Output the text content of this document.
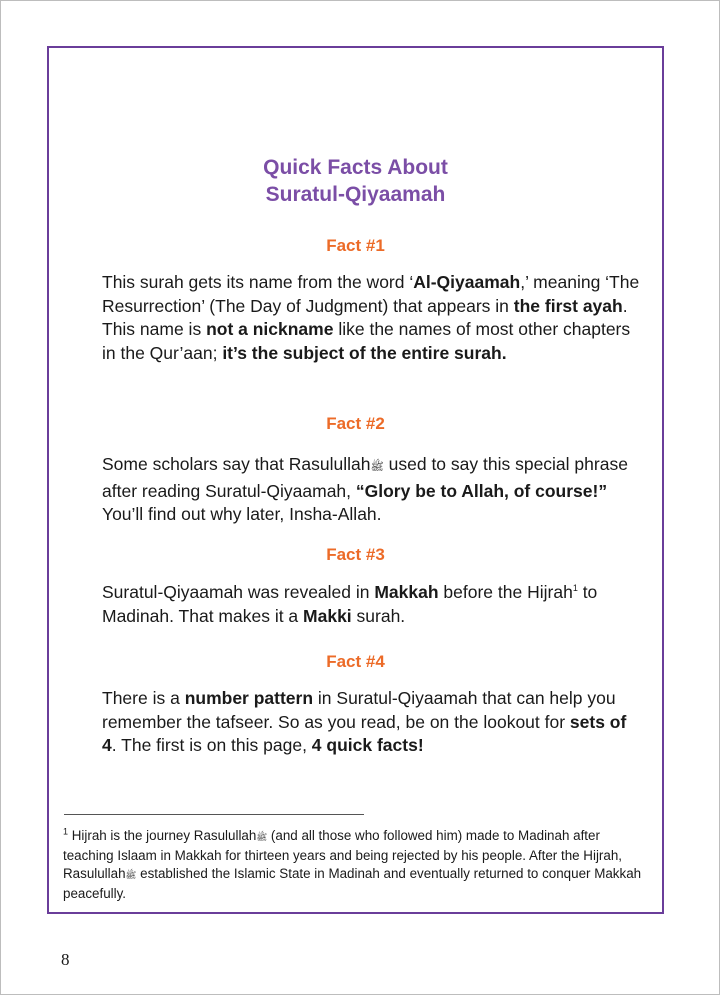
Quick Facts About
Suratul-Qiyaamah
Fact #1
This surah gets its name from the word ‘Al-Qiyaamah,’ meaning ‘The Resurrection’ (The Day of Judgment) that appears in the first ayah. This name is not a nickname like the names of most other chapters in the Qur’aan; it’s the subject of the entire surah.
Fact #2
Some scholars say that Rasulullahﷺ used to say this special phrase after reading Suratul-Qiyaamah, “Glory be to Allah, of course!” You’ll find out why later, Insha-Allah.
Fact #3
Suratul-Qiyaamah was revealed in Makkah before the Hijrah$^1$ to Madinah. That makes it a Makki surah.
Fact #4
There is a number pattern in Suratul-Qiyaamah that can help you remember the tafseer. So as you read, be on the lookout for sets of 4. The first is on this page, 4 quick facts!
$^1$ Hijrah is the journey Rasulullahﷺ (and all those who followed him) made to Madinah after teaching Islaam in Makkah for thirteen years and being rejected by his people. After the Hijrah, Rasulullahﷺ established the Islamic State in Madinah and eventually returned to conquer Makkah peacefully.
8
